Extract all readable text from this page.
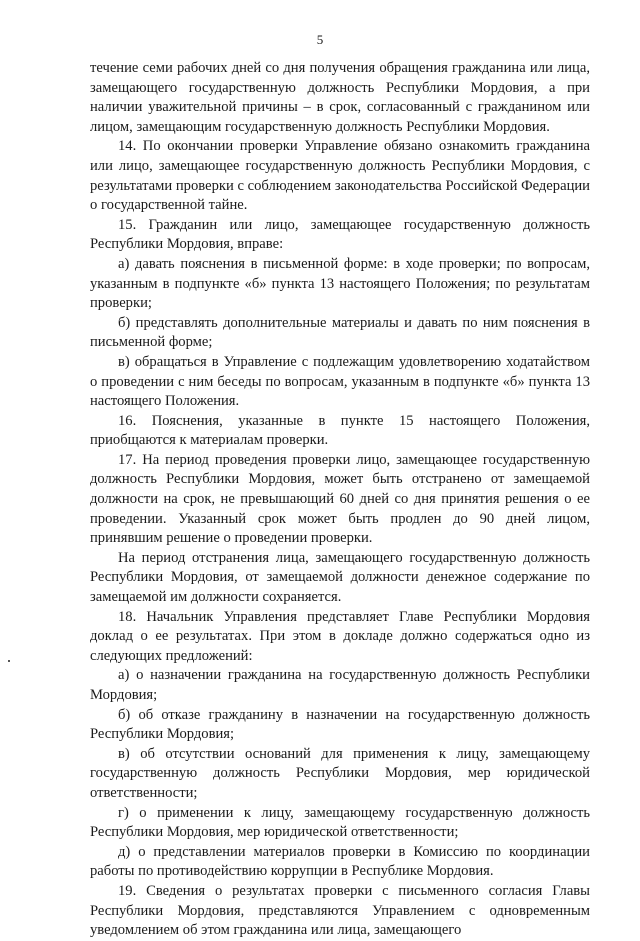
5

течение семи рабочих дней со дня получения обращения гражданина или лица, замещающего государственную должность Республики Мордовия, а при наличии уважительной причины – в срок, согласованный с гражданином или лицом, замещающим государственную должность Республики Мордовия.

14. По окончании проверки Управление обязано ознакомить гражданина или лицо, замещающее государственную должность Республики Мордовия, с результатами проверки с соблюдением законодательства Российской Федерации о государственной тайне.

15. Гражданин или лицо, замещающее государственную должность Республики Мордовия, вправе:

а) давать пояснения в письменной форме: в ходе проверки; по вопросам, указанным в подпункте «б» пункта 13 настоящего Положения; по результатам проверки;

б) представлять дополнительные материалы и давать по ним пояснения в письменной форме;

в) обращаться в Управление с подлежащим удовлетворению ходатайством о проведении с ним беседы по вопросам, указанным в подпункте «б» пункта 13 настоящего Положения.

16. Пояснения, указанные в пункте 15 настоящего Положения, приобщаются к материалам проверки.

17. На период проведения проверки лицо, замещающее государственную должность Республики Мордовия, может быть отстранено от замещаемой должности на срок, не превышающий 60 дней со дня принятия решения о ее проведении. Указанный срок может быть продлен до 90 дней лицом, принявшим решение о проведении проверки.

На период отстранения лица, замещающего государственную должность Республики Мордовия, от замещаемой должности денежное содержание по замещаемой им должности сохраняется.

18. Начальник Управления представляет Главе Республики Мордовия доклад о ее результатах. При этом в докладе должно содержаться одно из следующих предложений:

а) о назначении гражданина на государственную должность Республики Мордовия;

б) об отказе гражданину в назначении на государственную должность Республики Мордовия;

в) об отсутствии оснований для применения к лицу, замещающему государственную должность Республики Мордовия, мер юридической ответственности;

г) о применении к лицу, замещающему государственную должность Республики Мордовия, мер юридической ответственности;

д) о представлении материалов проверки в Комиссию по координации работы по противодействию коррупции в Республике Мордовия.

19. Сведения о результатах проверки с письменного согласия Главы Республики Мордовия, представляются Управлением с одновременным уведомлением об этом гражданина или лица, замещающего
